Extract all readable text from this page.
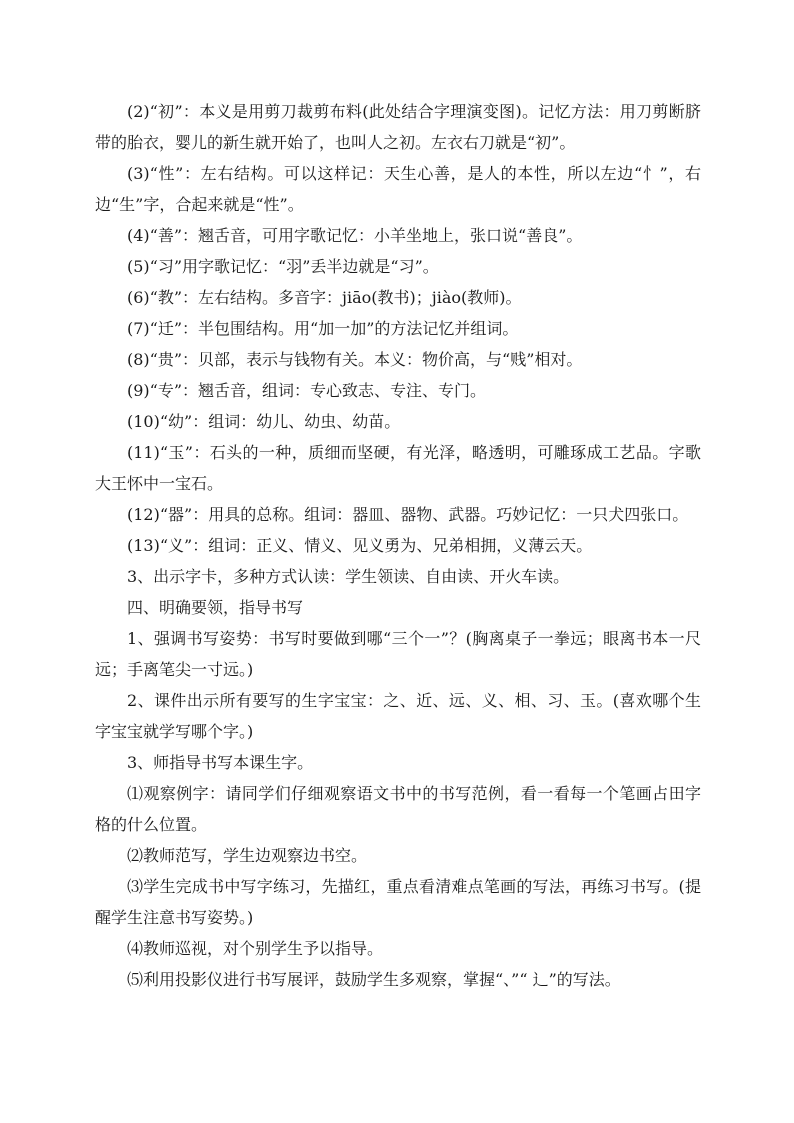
(2)“初”：本义是用剪刀裁剪布料(此处结合字理演变图)。记忆方法：用刀剪断脐带的胎衣，婴儿的新生就开始了，也叫人之初。左衣右刀就是“初”。

(3)“性”：左右结构。可以这样记：天生心善，是人的本性，所以左边“忄”，右边“生”字，合起来就是“性”。

(4)“善”：翘舌音，可用字歌记忆：小羊坐地上，张口说“善良”。

(5)“习”用字歌记忆：“羽”丢半边就是“习”。

(6)“教”：左右结构。多音字：jiāo(教书)；jiào(教师)。

(7)“迁”：半包围结构。用“加一加”的方法记忆并组词。

(8)“贵”：贝部，表示与钱物有关。本义：物价高，与“贱”相对。

(9)“专”：翘舌音，组词：专心致志、专注、专门。

(10)“幼”：组词：幼儿、幼虫、幼苗。

(11)“玉”：石头的一种，质细而坚硬，有光泽，略透明，可雕琢成工艺品。字歌大王怀中一宝石。

(12)“器”：用具的总称。组词：器皿、器物、武器。巧妙记忆：一只犬四张口。

(13)“义”：组词：正义、情义、见义勇为、兄弟相拥，义薄云天。

3、出示字卡，多种方式认读：学生领读、自由读、开火车读。

四、明确要领，指导书写

1、强调书写姿势：书写时要做到哪“三个一”？(胸离桌子一拳远；眼离书本一尺远；手离笔尖一寸远。)

2、课件出示所有要写的生字宝宝：之、近、远、义、相、习、玉。(喜欢哪个生字宝宝就学写哪个字。)

3、师指导书写本课生字。

⑴观察例字：请同学们仔细观察语文书中的书写范例，看一看每一个笔画占田字格的什么位置。

⑵教师范写，学生边观察边书空。

⑶学生完成书中写字练习，先描红，重点看清难点笔画的写法，再练习书写。(提醒学生注意书写姿势。)

⑷教师巡视，对个别学生予以指导。

⑸利用投影仪进行书写展评，鼓励学生多观察，掌握“、”“ 辶”的写法。
